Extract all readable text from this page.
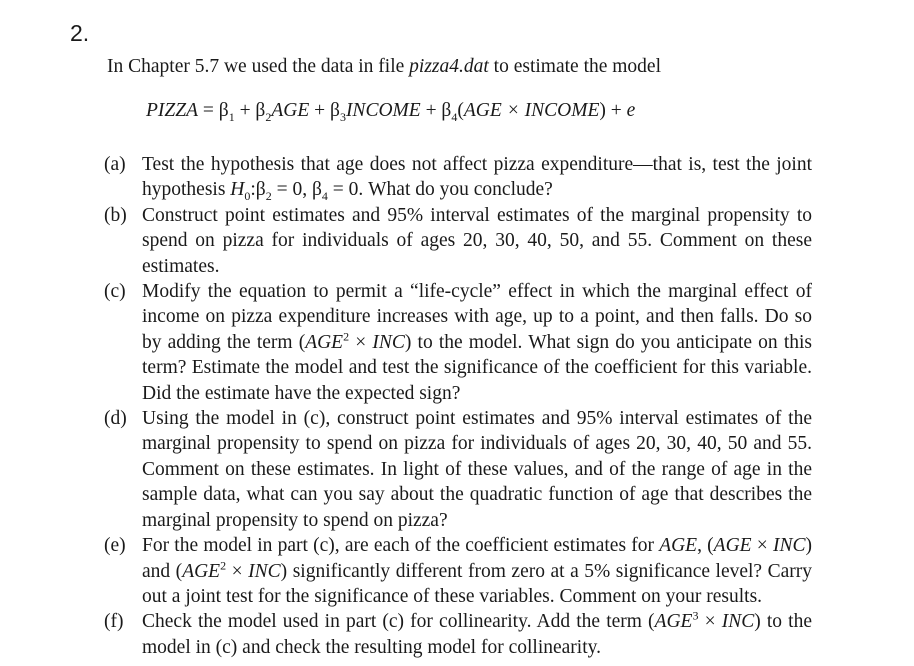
2.
In Chapter 5.7 we used the data in file pizza4.dat to estimate the model
PIZZA = $\beta_1 + \beta_2AGE$ + $\beta_3INCOME + \beta_4(AGE$ × INCOME) + e
(a) Test the hypothesis that age does not affect pizza expenditure—that is, test the joint hypothesis $H_0:\beta_2 = 0$, $\beta_4 = 0$. What do you conclude?
(b) Construct point estimates and 95% interval estimates of the marginal propensity to spend on pizza for individuals of ages 20, 30, 40, 50, and 55. Comment on these estimates.
(c) Modify the equation to permit a “life-cycle” effect in which the marginal effect of income on pizza expenditure increases with age, up to a point, and then falls. Do so by adding the term $(AGE^2 \times INC)$ to the model. What sign do you anticipate on this term? Estimate the model and test the significance of the coefficient for this variable. Did the estimate have the expected sign?
(d) Using the model in (c), construct point estimates and 95% interval estimates of the marginal propensity to spend on pizza for individuals of ages 20, 30, 40, 50 and 55. Comment on these estimates. In light of these values, and of the range of age in the sample data, what can you say about the quadratic function of age that describes the marginal propensity to spend on pizza?
(e) For the model in part (c), are each of the coefficient estimates for AGE, (AGE × INC) and $(AGE^2 \times INC)$ significantly different from zero at a 5% significance level? Carry out a joint test for the significance of these variables. Comment on your results.
(f) Check the model used in part (c) for collinearity. Add the term $(AGE^3 \times INC)$ to the model in (c) and check the resulting model for collinearity.
